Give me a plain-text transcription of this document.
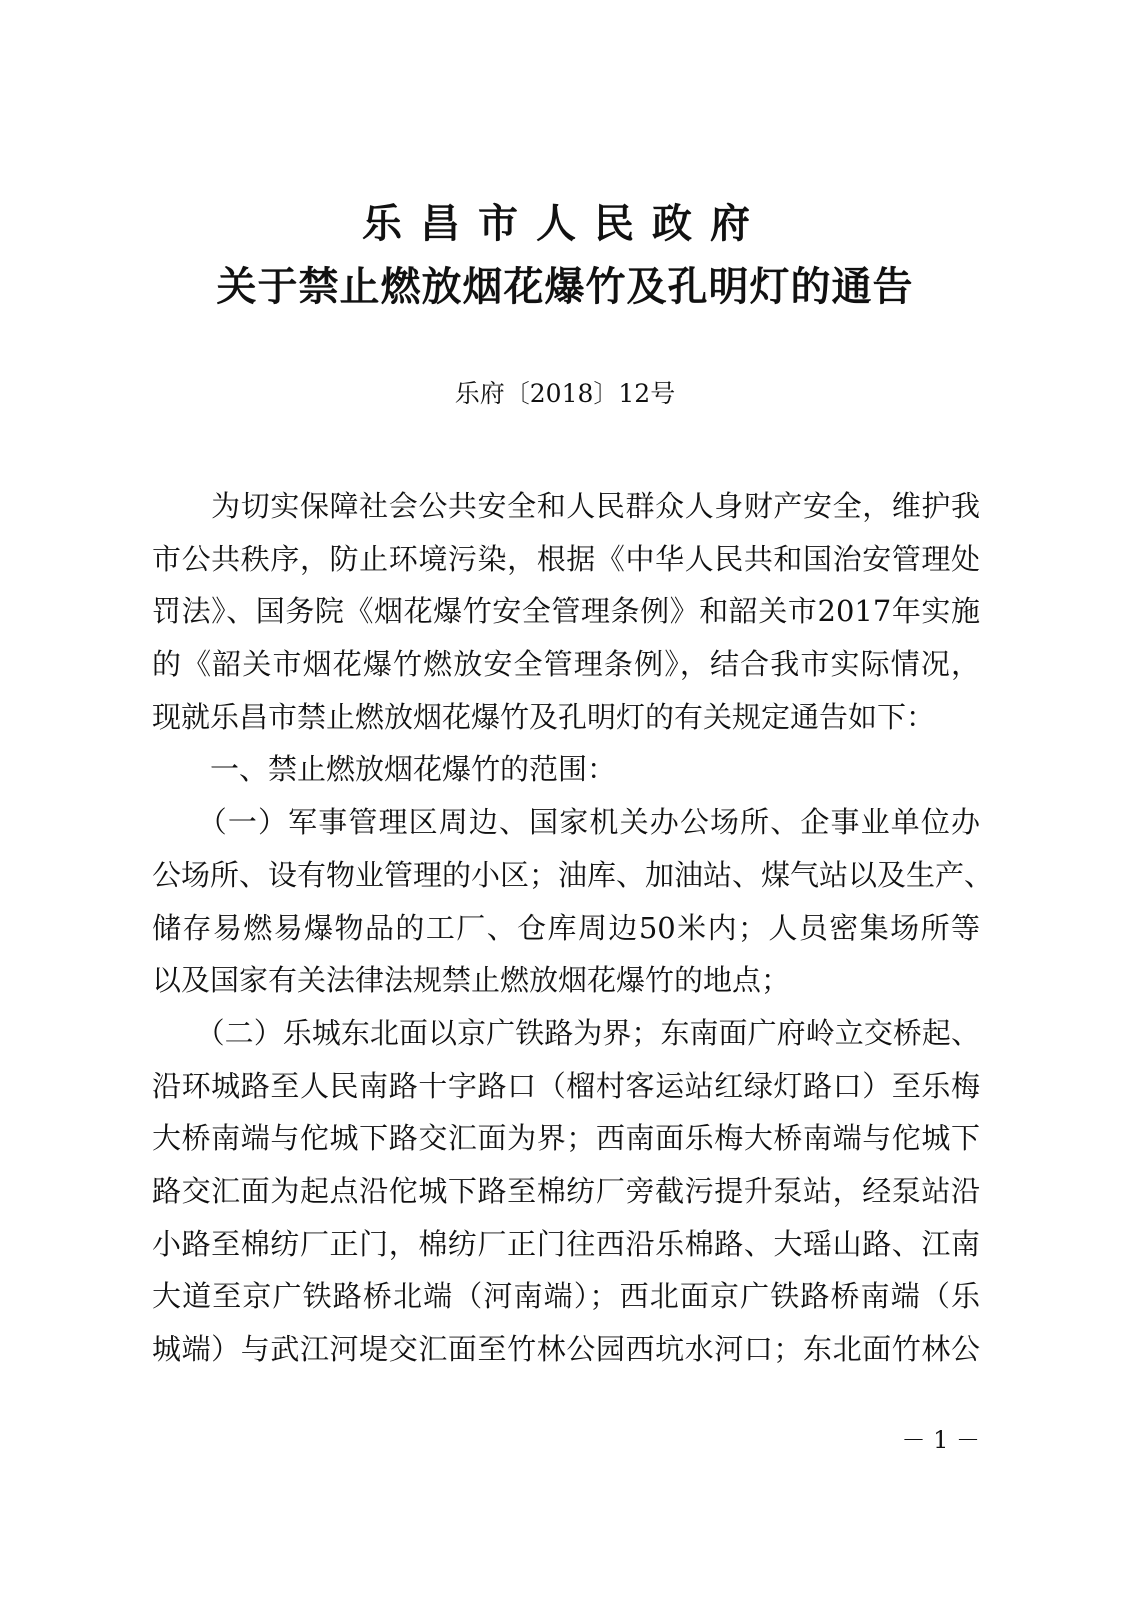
乐昌市人民政府
关于禁止燃放烟花爆竹及孔明灯的通告
乐府〔2018〕12号
　　为切实保障社会公共安全和人民群众人身财产安全，维护我
市公共秩序，防止环境污染，根据《中华人民共和国治安管理处
罚法》、国务院《烟花爆竹安全管理条例》和韶关市2017年实施
的《韶关市烟花爆竹燃放安全管理条例》，结合我市实际情况，
现就乐昌市禁止燃放烟花爆竹及孔明灯的有关规定通告如下：
　　一、禁止燃放烟花爆竹的范围：
　　（一）军事管理区周边、国家机关办公场所、企事业单位办
公场所、设有物业管理的小区；油库、加油站、煤气站以及生产、
储存易燃易爆物品的工厂、仓库周边50米内；人员密集场所等
以及国家有关法律法规禁止燃放烟花爆竹的地点；
　　（二）乐城东北面以京广铁路为界；东南面广府岭立交桥起、
沿环城路至人民南路十字路口（榴村客运站红绿灯路口）至乐梅
大桥南端与佗城下路交汇面为界；西南面乐梅大桥南端与佗城下
路交汇面为起点沿佗城下路至棉纺厂旁截污提升泵站，经泵站沿
小路至棉纺厂正门，棉纺厂正门往西沿乐棉路、大瑶山路、江南
大道至京广铁路桥北端（河南端）；西北面京广铁路桥南端（乐
城端）与武江河堤交汇面至竹林公园西坑水河口；东北面竹林公
－ 1 －
